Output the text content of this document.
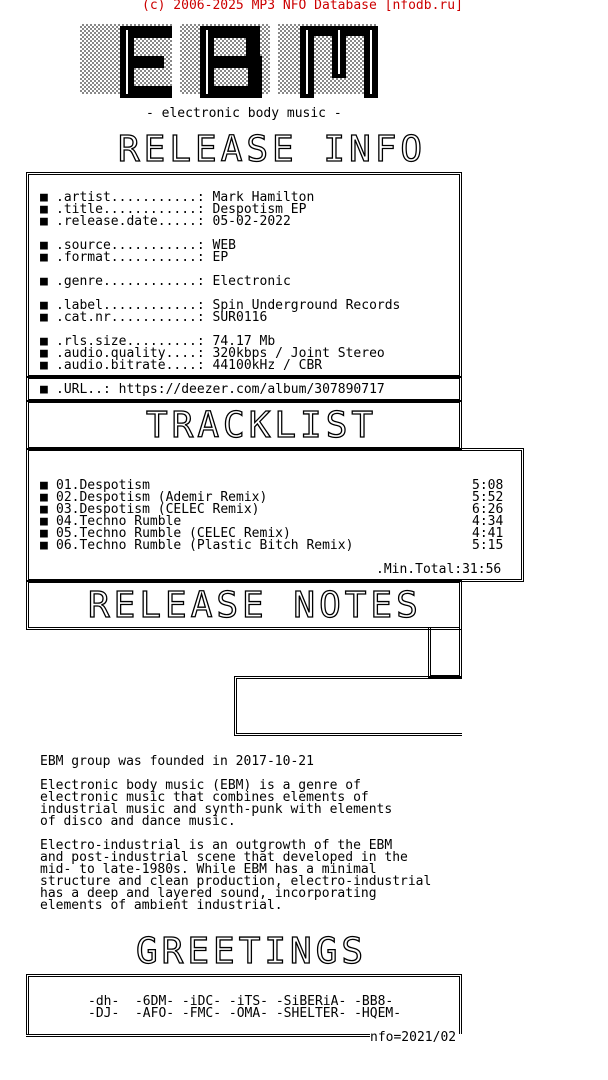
(c) 2006-2025 MP3 NFO Database [nfodb.ru]
- electronic body music -
RELEASE INFO
■ .artist...........: Mark Hamilton
■ .title............: Despotism EP
■ .release.date.....: 05-02-2022
■ .source...........: WEB
■ .format...........: EP
■ .genre............: Electronic
■ .label............: Spin Underground Records
■ .cat.nr...........: SUR0116
■ .rls.size.........: 74.17 Mb
■ .audio.quality....: 320kbps / Joint Stereo
■ .audio.bitrate....: 44100kHz / CBR
■ .URL..: https://deezer.com/album/307890717
TRACKLIST
■ 01.Despotism	5:08
■ 02.Despotism (Ademir Remix)	5:52
■ 03.Despotism (CELEC Remix)	6:26
■ 04.Techno Rumble	4:34
■ 05.Techno Rumble (CELEC Remix)	4:41
■ 06.Techno Rumble (Plastic Bitch Remix)	5:15
.Min.Total:31:56
RELEASE NOTES
EBM group was founded in 2017-10-21
Electronic body music (EBM) is a genre of
electronic music that combines elements of
industrial music and synth-punk with elements
of disco and dance music.
Electro-industrial is an outgrowth of the EBM
and post-industrial scene that developed in the
mid- to late-1980s. While EBM has a minimal
structure and clean production, electro-industrial
has a deep and layered sound, incorporating
elements of ambient industrial.
GREETINGS
-dh-  -6DM- -iDC- -iTS- -SiBERiA- -BB8-
-DJ-  -AFO- -FMC- -OMA- -SHELTER- -HQEM-
nfo=2021/02
